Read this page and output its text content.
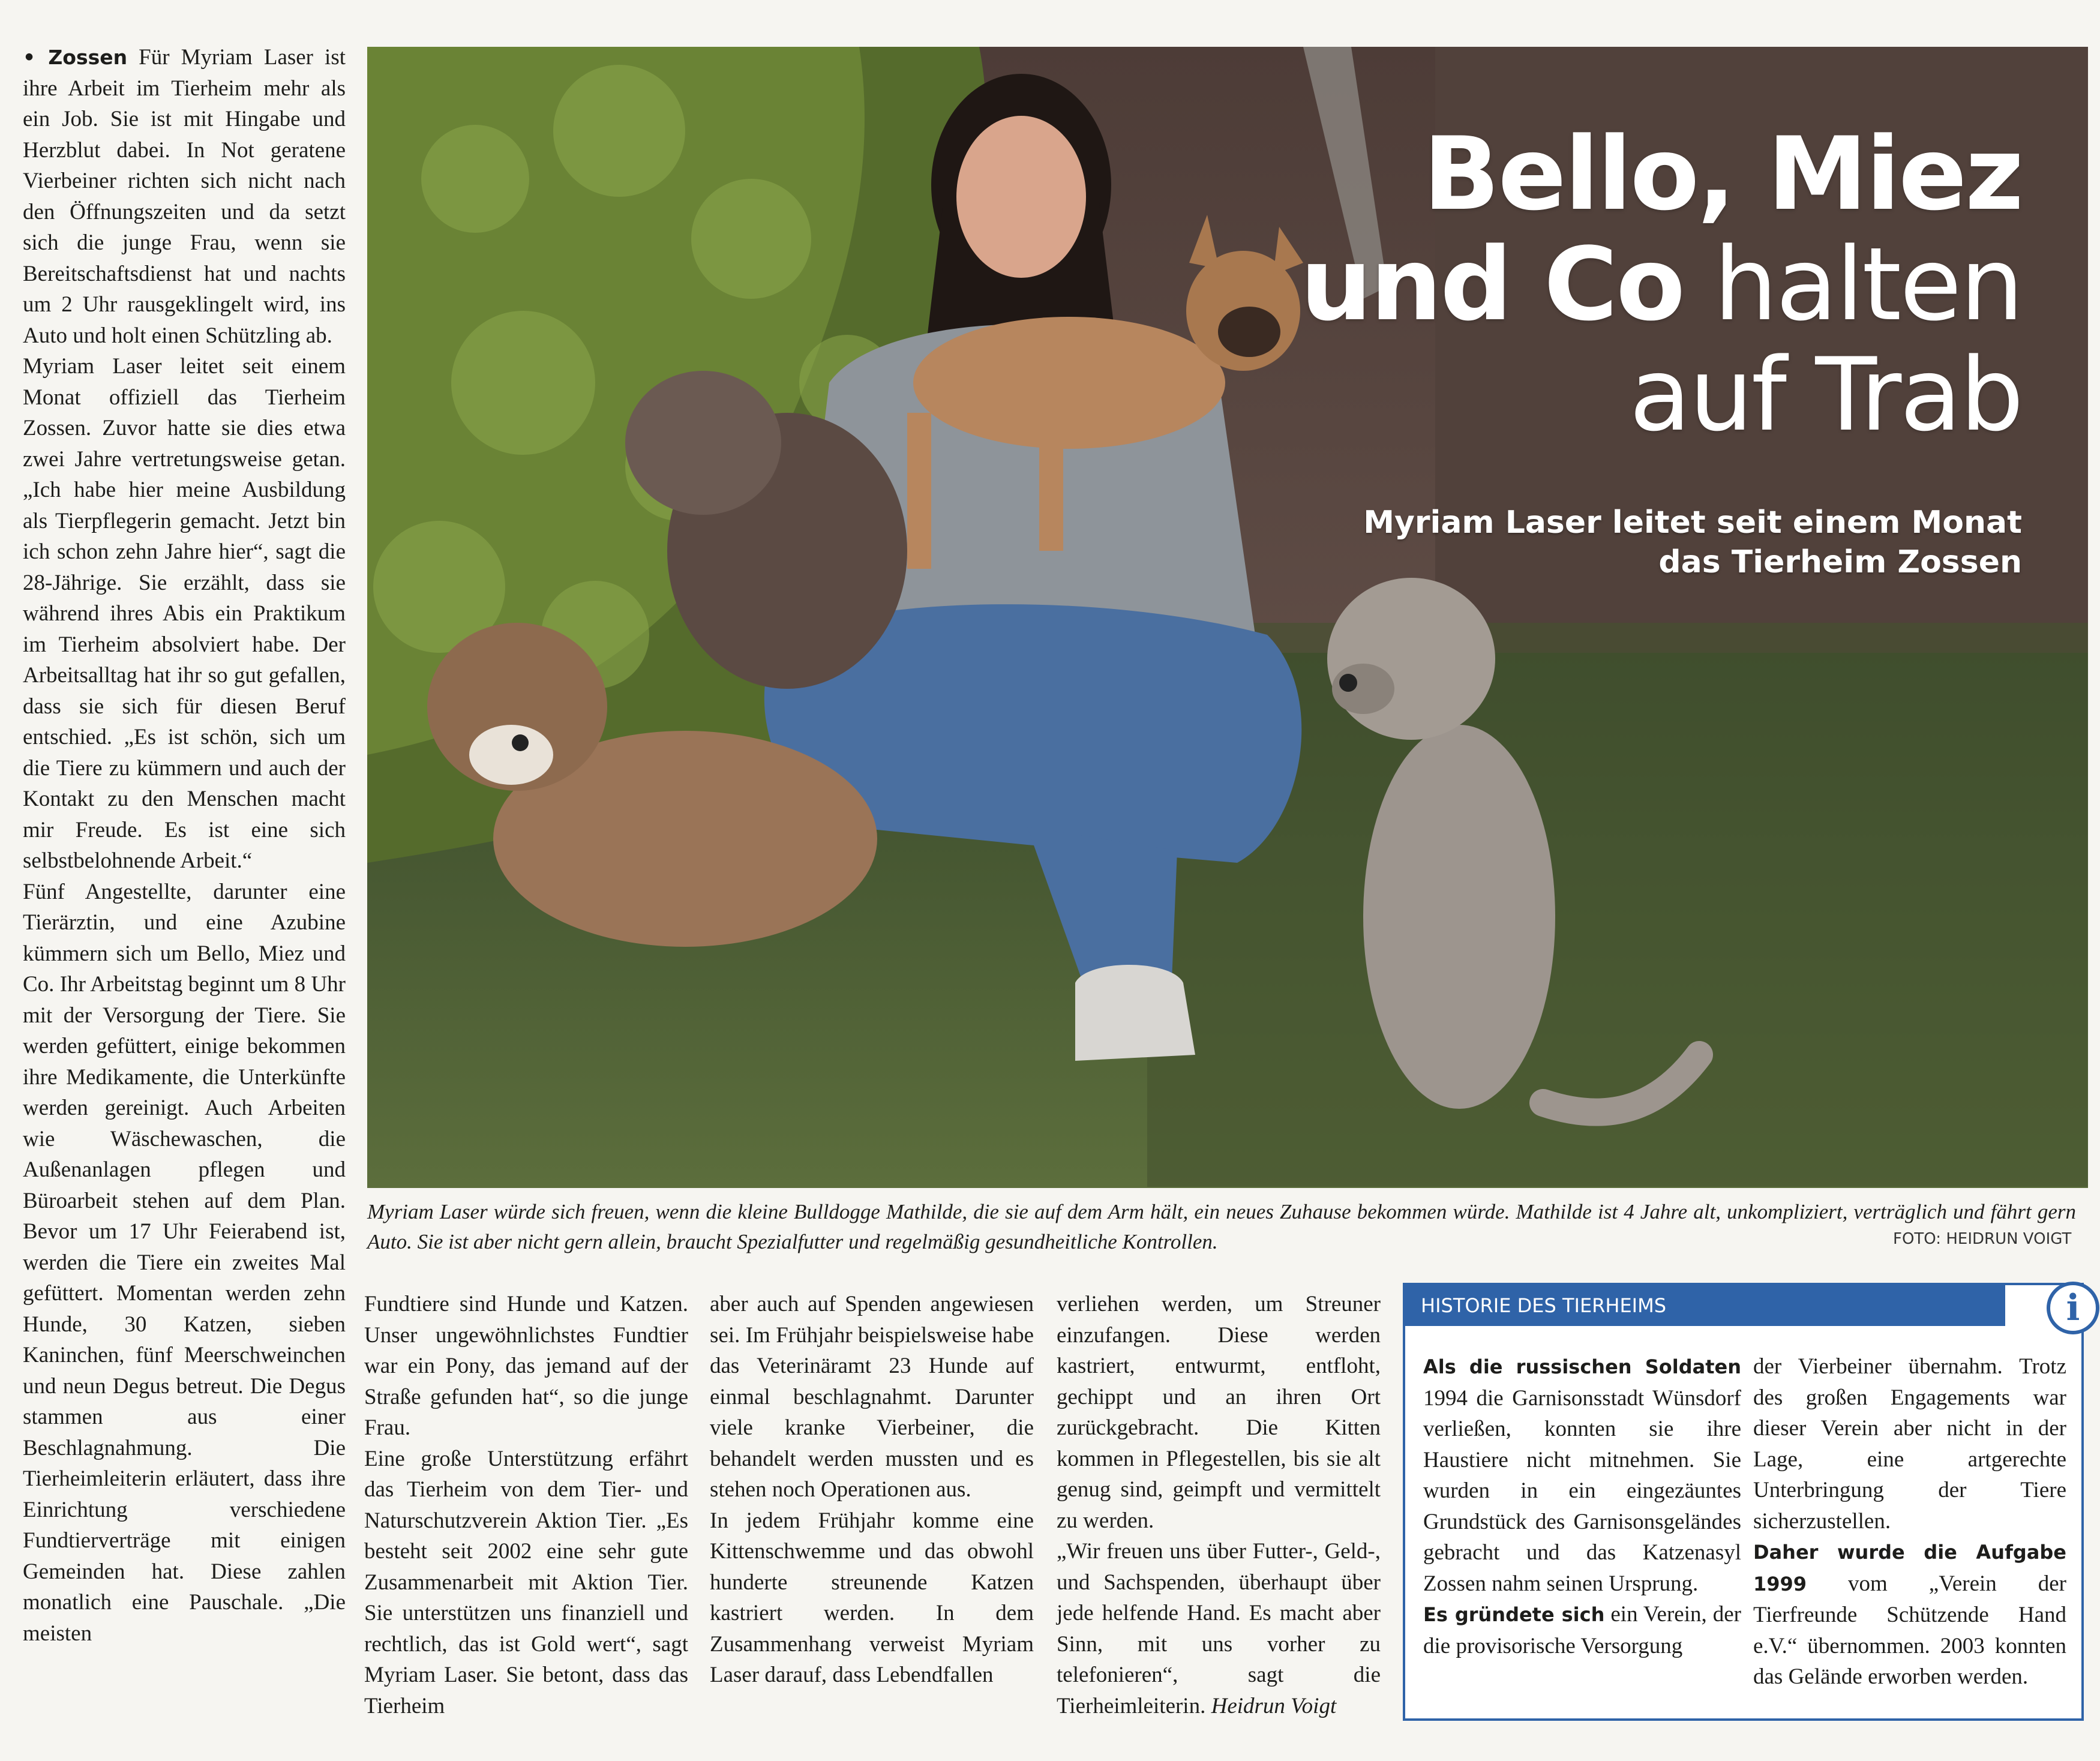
• Zossen Für Myriam Laser ist ihre Arbeit im Tierheim mehr als ein Job. Sie ist mit Hingabe und Herzblut dabei. In Not geratene Vierbeiner richten sich nicht nach den Öffnungszeiten und da setzt sich die junge Frau, wenn sie Bereitschaftsdienst hat und nachts um 2 Uhr rausgeklingelt wird, ins Auto und holt einen Schützling ab.

Myriam Laser leitet seit einem Monat offiziell das Tierheim Zossen. Zuvor hatte sie dies etwa zwei Jahre vertretungsweise getan. „Ich habe hier meine Ausbildung als Tierpflegerin gemacht. Jetzt bin ich schon zehn Jahre hier“, sagt die 28-Jährige. Sie erzählt, dass sie während ihres Abis ein Praktikum im Tierheim absolviert habe. Der Arbeitsalltag hat ihr so gut gefallen, dass sie sich für diesen Beruf entschied. „Es ist schön, sich um die Tiere zu kümmern und auch der Kontakt zu den Menschen macht mir Freude. Es ist eine sich selbstbelohnende Arbeit.“

Fünf Angestellte, darunter eine Tierärztin, und eine Azubine kümmern sich um Bello, Miez und Co. Ihr Arbeitstag beginnt um 8 Uhr mit der Versorgung der Tiere. Sie werden gefüttert, einige bekommen ihre Medikamente, die Unterkünfte werden gereinigt. Auch Arbeiten wie Wäschewaschen, die Außenanlagen pflegen und Büroarbeit stehen auf dem Plan. Bevor um 17 Uhr Feierabend ist, werden die Tiere ein zweites Mal gefüttert. Momentan werden zehn Hunde, 30 Katzen, sieben Kaninchen, fünf Meerschweinchen und neun Degus betreut. Die Degus stammen aus einer Beschlagnahmung. Die Tierheimleiterin erläutert, dass ihre Einrichtung verschiedene Fundtierverträge mit einigen Gemeinden hat. Diese zahlen monatlich eine Pauschale. „Die meisten

Bello, Miez
und Co halten
auf Trab
Myriam Laser leitet seit einem Monat
das Tierheim Zossen
Myriam Laser würde sich freuen, wenn die kleine Bulldogge Mathilde, die sie auf dem Arm hält, ein neues Zuhause bekommen würde. Mathilde ist 4 Jahre alt, unkompliziert, verträglich und fährt gern Auto. Sie ist aber nicht gern allein, braucht Spezialfutter und regelmäßig gesundheitliche Kontrollen.	FOTO: HEIDRUN VOIGT

Fundtiere sind Hunde und Katzen. Unser ungewöhnlichstes Fundtier war ein Pony, das jemand auf der Straße gefunden hat“, so die junge Frau.

Eine große Unterstützung erfährt das Tierheim von dem Tier- und Naturschutzverein Aktion Tier. „Es besteht seit 2002 eine sehr gute Zusammenarbeit mit Aktion Tier. Sie unterstützen uns finanziell und rechtlich, das ist Gold wert“, sagt Myriam Laser. Sie betont, dass das Tierheim

aber auch auf Spenden angewiesen sei. Im Frühjahr beispielsweise habe das Veterinäramt 23 Hunde auf einmal beschlagnahmt. Darunter viele kranke Vierbeiner, die behandelt werden mussten und es stehen noch Operationen aus.

In jedem Frühjahr komme eine Kittenschwemme und das obwohl hunderte streunende Katzen kastriert werden. In dem Zusammenhang verweist Myriam Laser darauf, dass Lebendfallen

verliehen werden, um Streuner einzufangen. Diese werden kastriert, entwurmt, entfloht, gechippt und an ihren Ort zurückgebracht. Die Kitten kommen in Pflegestellen, bis sie alt genug sind, geimpft und vermittelt zu werden.

„Wir freuen uns über Futter-, Geld-, und Sachspenden, überhaupt über jede helfende Hand. Es macht aber Sinn, mit uns vorher zu telefonieren“, sagt die Tierheimleiterin. Heidrun Voigt

HISTORIE DES TIERHEIMS	i

Als die russischen Soldaten 1994 die Garnisonsstadt Wünsdorf verließen, konnten sie ihre Haustiere nicht mitnehmen. Sie wurden in ein eingezäuntes Grundstück des Garnisonsgeländes gebracht und das Katzenasyl Zossen nahm seinen Ursprung.

Es gründete sich ein Verein, der die provisorische Versorgung

der Vierbeiner übernahm. Trotz des großen Engagements war dieser Verein aber nicht in der Lage, eine artgerechte Unterbringung der Tiere sicherzustellen.

Daher wurde die Aufgabe 1999 vom „Verein der Tierfreunde Schützende Hand e.V.“ übernommen. 2003 konnten das Gelände erworben werden.
